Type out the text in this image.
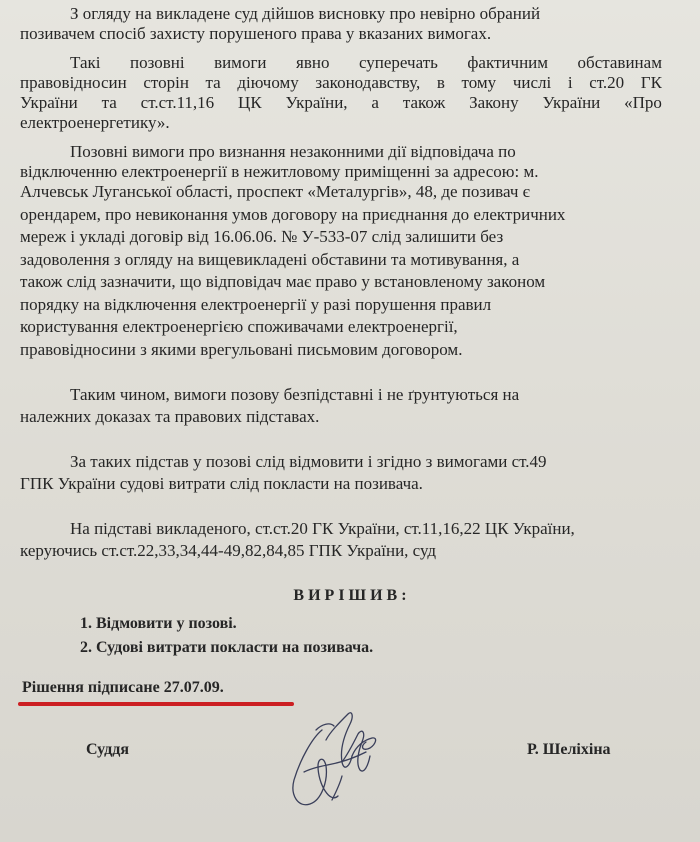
З огляду на викладене суд дійшов висновку про невірно обраний
позивачем спосіб захисту порушеного права у вказаних вимогах.
Такі позовні вимоги явно суперечать фактичним обставинам
правовідносин сторін та діючому законодавству, в тому числі і ст.20 ГК
України та ст.ст.11,16 ЦК України, а також Закону України «Про
електроенергетику».
Позовні вимоги про визнання незаконними дії відповідача по
відключенню електроенергії в нежитловому приміщенні за адресою: м.
Алчевськ Луганської області, проспект «Металургів», 48, де позивач є
орендарем, про невиконання умов договору на приєднання до електричних
мереж і укладі договір від 16.06.06. № У-533-07 слід залишити без
задоволення з огляду на вищевикладені обставини та мотивування, а
також слід зазначити, що відповідач має право у встановленому законом
порядку на відключення електроенергії у разі порушення правил
користування електроенергією споживачами електроенергії,
правовідносини з якими врегульовані письмовим договором.
Таким чином, вимоги позову безпідставні і не ґрунтуються на
належних доказах та правових підставах.
За таких підстав у позові слід відмовити і згідно з вимогами ст.49
ГПК України судові витрати слід покласти на позивача.
На підставі викладеного, ст.ст.20 ГК України, ст.11,16,22 ЦК України,
керуючись ст.ст.22,33,34,44-49,82,84,85 ГПК України, суд
В И Р І Ш И В :
1. Відмовити у позові.
2. Судові витрати покласти на позивача.
Рішення підписане 27.07.09.
Суддя	Р. Шеліхіна
